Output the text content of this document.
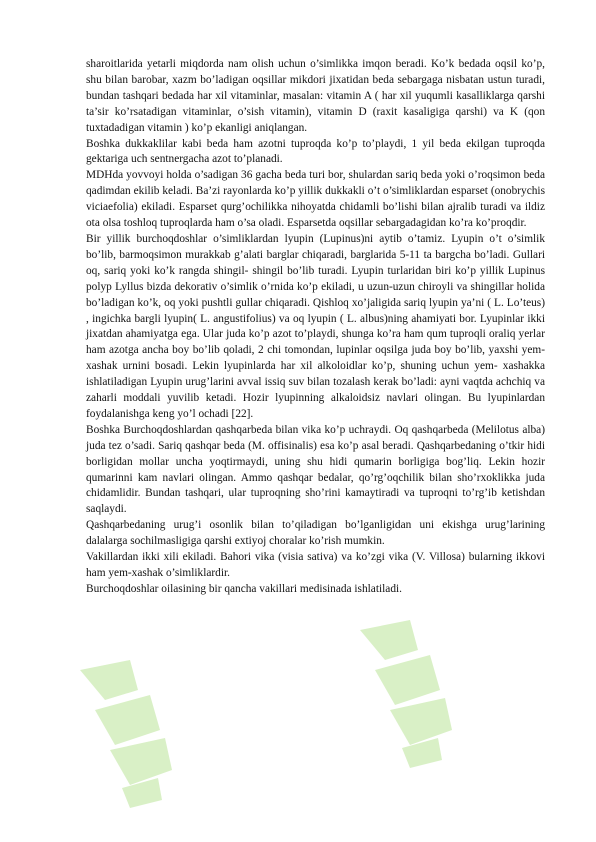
sharoitlarida yetarli miqdorda nam olish uchun o’simlikka imqon beradi. Ko’k bedada oqsil ko’p, shu bilan barobar, xazm bo’ladigan oqsillar mikdori jixatidan beda sebargaga nisbatan ustun turadi, bundan tashqari bedada har xil vitaminlar, masalan: vitamin A ( har xil yuqumli kasalliklarga qarshi ta’sir ko’rsatadigan vitaminlar, o’sish vitamin), vitamin D (raxit kasaligiga qarshi) va K (qon tuxtadadigan vitamin ) ko’p ekanligi aniqlangan.

Boshka dukkaklilar kabi beda ham azotni tuproqda ko’p to’playdi, 1 yil beda ekilgan tuproqda gektariga uch sentnergacha azot to’planadi.

MDHda yovvoyi holda o’sadigan 36 gacha beda turi bor, shulardan sariq beda yoki o’roqsimon beda qadimdan ekilib keladi. Ba’zi rayonlarda ko’p yillik dukkakli o’t o’simliklardan esparset (onobrychis viciaefolia) ekiladi. Esparset qurg’ochilikka nihoyatda chidamli bo’lishi bilan ajralib turadi va ildiz ota olsa toshloq tuproqlarda ham o’sa oladi. Esparsetda oqsillar sebargadagidan ko’ra ko’proqdir.

Bir yillik burchoqdoshlar o’simliklardan lyupin (Lupinus)ni aytib o’tamiz. Lyupin o’t o’simlik bo’lib, barmoqsimon murakkab g’alati barglar chiqaradi, barglarida 5-11 ta bargcha bo’ladi. Gullari oq, sariq yoki ko’k rangda shingil- shingil bo’lib turadi. Lyupin turlaridan biri ko’p yillik Lupinus polyp Lyllus bizda dekorativ o’simlik o’rnida ko’p ekiladi, u uzun-uzun chiroyli va shingillar holida bo’ladigan ko’k, oq yoki pushtli gullar chiqaradi. Qishloq xo’jaligida sariq lyupin ya’ni ( L. Lo’teus) , ingichka bargli lyupin( L. angustifolius) va oq lyupin ( L. albus)ning ahamiyati bor. Lyupinlar ikki jixatdan ahamiyatga ega. Ular juda ko’p azot to’playdi, shunga ko’ra ham qum tuproqli oraliq yerlar ham azotga ancha boy bo’lib qoladi, 2 chi tomondan, lupinlar oqsilga juda boy bo’lib, yaxshi yem-xashak urnini bosadi. Lekin lyupinlarda har xil alkoloidlar ko’p, shuning uchun yem- xashakka ishlatiladigan Lyupin urug’larini avval issiq suv bilan tozalash kerak bo’ladi: ayni vaqtda achchiq va zaharli moddali yuvilib ketadi. Hozir lyupinning alkaloidsiz navlari olingan. Bu lyupinlardan foydalanishga keng yo’l ochadi [22].

Boshka Burchoqdoshlardan qashqarbeda bilan vika ko’p uchraydi. Oq qashqarbeda (Melilotus alba) juda tez o’sadi. Sariq qashqar beda (M. offisinalis) esa ko’p asal beradi. Qashqarbedaning o’tkir hidi borligidan mollar uncha yoqtirmaydi, uning shu hidi qumarin borligiga bog’liq. Lekin hozir qumarinni kam navlari olingan. Ammo qashqar bedalar, qo’rg’oqchilik bilan sho’rxoklikka juda chidamlidir. Bundan tashqari, ular tuproqning sho’rini kamaytiradi va tuproqni to’rg’ib ketishdan saqlaydi.

Qashqarbedaning urug’i osonlik bilan to’qiladigan bo’lganligidan uni ekishga urug’larining dalalarga sochilmasligiga qarshi extiyoj choralar ko’rish mumkin.

Vakillardan ikki xili ekiladi. Bahori vika (visia sativa) va ko’zgi vika (V. Villosa) bularning ikkovi ham yem-xashak o’simliklardir.

Burchoqdoshlar oilasining bir qancha vakillari medisinada ishlatiladi.
